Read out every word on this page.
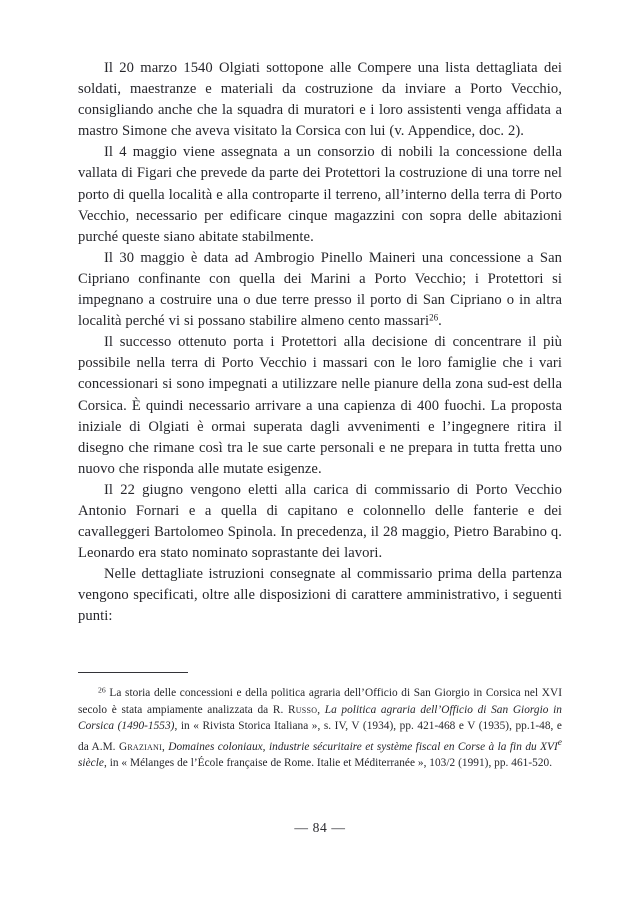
Il 20 marzo 1540 Olgiati sottopone alle Compere una lista dettagliata dei soldati, maestranze e materiali da costruzione da inviare a Porto Vecchio, consigliando anche che la squadra di muratori e i loro assistenti venga affidata a mastro Simone che aveva visitato la Corsica con lui (v. Appendice, doc. 2).

Il 4 maggio viene assegnata a un consorzio di nobili la concessione della vallata di Figari che prevede da parte dei Protettori la costruzione di una torre nel porto di quella località e alla controparte il terreno, all’interno della terra di Porto Vecchio, necessario per edificare cinque magazzini con sopra delle abitazioni purché queste siano abitate stabilmente.

Il 30 maggio è data ad Ambrogio Pinello Maineri una concessione a San Cipriano confinante con quella dei Marini a Porto Vecchio; i Protettori si impegnano a costruire una o due terre presso il porto di San Cipriano o in altra località perché vi si possano stabilire almeno cento massari$^{26}$.

Il successo ottenuto porta i Protettori alla decisione di concentrare il più possibile nella terra di Porto Vecchio i massari con le loro famiglie che i vari concessionari si sono impegnati a utilizzare nelle pianure della zona sud-est della Corsica. È quindi necessario arrivare a una capienza di 400 fuochi. La proposta iniziale di Olgiati è ormai superata dagli avvenimenti e l’ingegnere ritira il disegno che rimane così tra le sue carte personali e ne prepara in tutta fretta uno nuovo che risponda alle mutate esigenze.

Il 22 giugno vengono eletti alla carica di commissario di Porto Vecchio Antonio Fornari e a quella di capitano e colonnello delle fanterie e dei cavalleggeri Bartolomeo Spinola. In precedenza, il 28 maggio, Pietro Barabino q. Leonardo era stato nominato soprastante dei lavori.

Nelle dettagliate istruzioni consegnate al commissario prima della partenza vengono specificati, oltre alle disposizioni di carattere amministrativo, i seguenti punti:

$^{26}$ La storia delle concessioni e della politica agraria dell’Officio di San Giorgio in Corsica nel XVI secolo è stata ampiamente analizzata da R. Russo, La politica agraria dell’Officio di San Giorgio in Corsica (1490-1553), in « Rivista Storica Italiana », s. IV, V (1934), pp. 421-468 e V (1935), pp.1-48, e da A.M. Graziani, Domaines coloniaux, industrie sécuritaire et système fiscal en Corse à la fin du XVIe siècle, in « Mélanges de l’École française de Rome. Italie et Méditerranée », 103/2 (1991), pp. 461-520.

— 84 —
